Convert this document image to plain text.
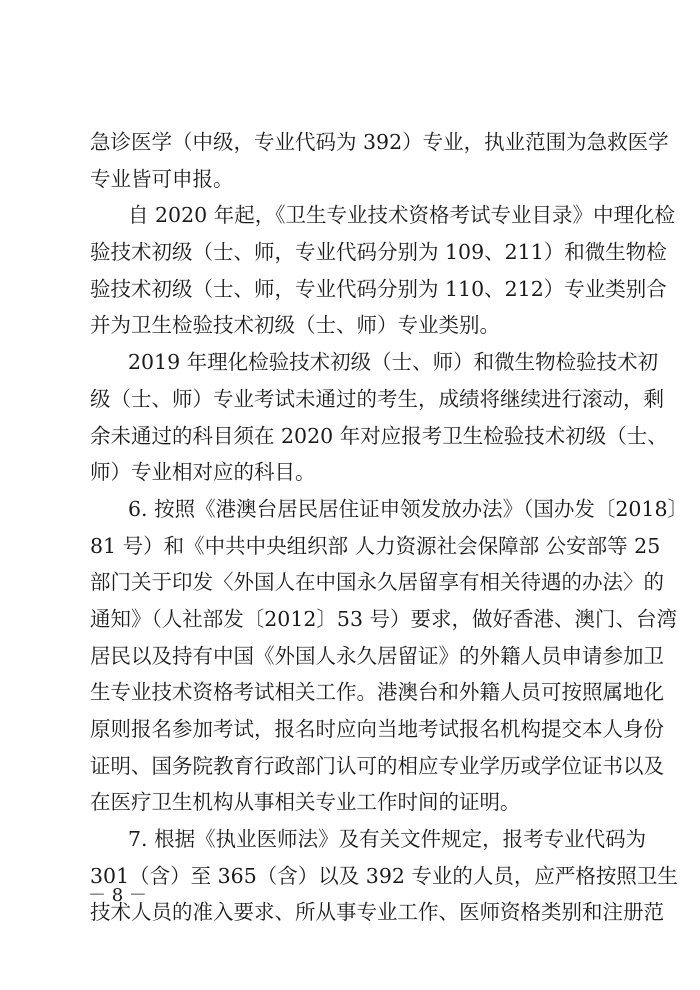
急诊医学（中级，专业代码为 392）专业，执业范围为急救医学
专业皆可申报。
自 2020 年起，《卫生专业技术资格考试专业目录》中理化检
验技术初级（士、师，专业代码分别为 109、211）和微生物检
验技术初级（士、师，专业代码分别为 110、212）专业类别合
并为卫生检验技术初级（士、师）专业类别。
2019 年理化检验技术初级（士、师）和微生物检验技术初
级（士、师）专业考试未通过的考生，成绩将继续进行滚动，剩
余未通过的科目须在 2020 年对应报考卫生检验技术初级（士、
师）专业相对应的科目。
6. 按照《港澳台居民居住证申领发放办法》（国办发〔2018〕
81 号）和《中共中央组织部 人力资源社会保障部 公安部等 25
部门关于印发〈外国人在中国永久居留享有相关待遇的办法〉的
通知》（人社部发〔2012〕53 号）要求，做好香港、澳门、台湾
居民以及持有中国《外国人永久居留证》的外籍人员申请参加卫
生专业技术资格考试相关工作。港澳台和外籍人员可按照属地化
原则报名参加考试，报名时应向当地考试报名机构提交本人身份
证明、国务院教育行政部门认可的相应专业学历或学位证书以及
在医疗卫生机构从事相关专业工作时间的证明。
7. 根据《执业医师法》及有关文件规定，报考专业代码为
301（含）至 365（含）以及 392 专业的人员，应严格按照卫生
技术人员的准入要求、所从事专业工作、医师资格类别和注册范
－ 8 －
